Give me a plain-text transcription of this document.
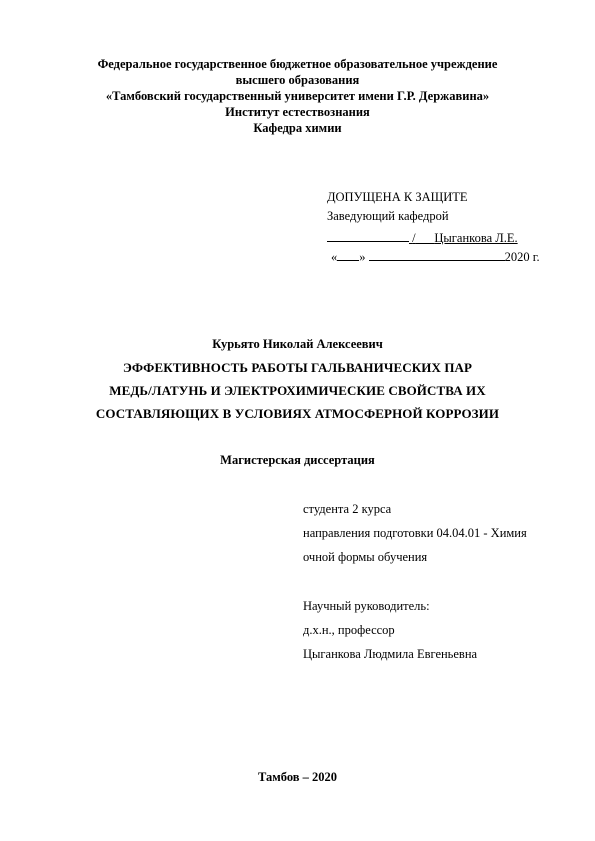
Федеральное государственное бюджетное образовательное учреждение
высшего образования
«Тамбовский государственный университет имени Г.Р. Державина»
Институт естествознания
Кафедра химии
ДОПУЩЕНА К ЗАЩИТЕ
Заведующий кафедрой
/ Цыганкова Л.Е.
« »	2020 г.
Курьято Николай Алексеевич
ЭФФЕКТИВНОСТЬ РАБОТЫ ГАЛЬВАНИЧЕСКИХ ПАР
МЕДЬ/ЛАТУНЬ И ЭЛЕКТРОХИМИЧЕСКИЕ СВОЙСТВА ИХ
СОСТАВЛЯЮЩИХ В УСЛОВИЯХ АТМОСФЕРНОЙ КОРРОЗИИ
Магистерская диссертация
студента 2 курса
направления подготовки 04.04.01 - Химия
очной формы обучения
Научный руководитель:
д.х.н., профессор
Цыганкова Людмила Евгеньевна
Тамбов – 2020
